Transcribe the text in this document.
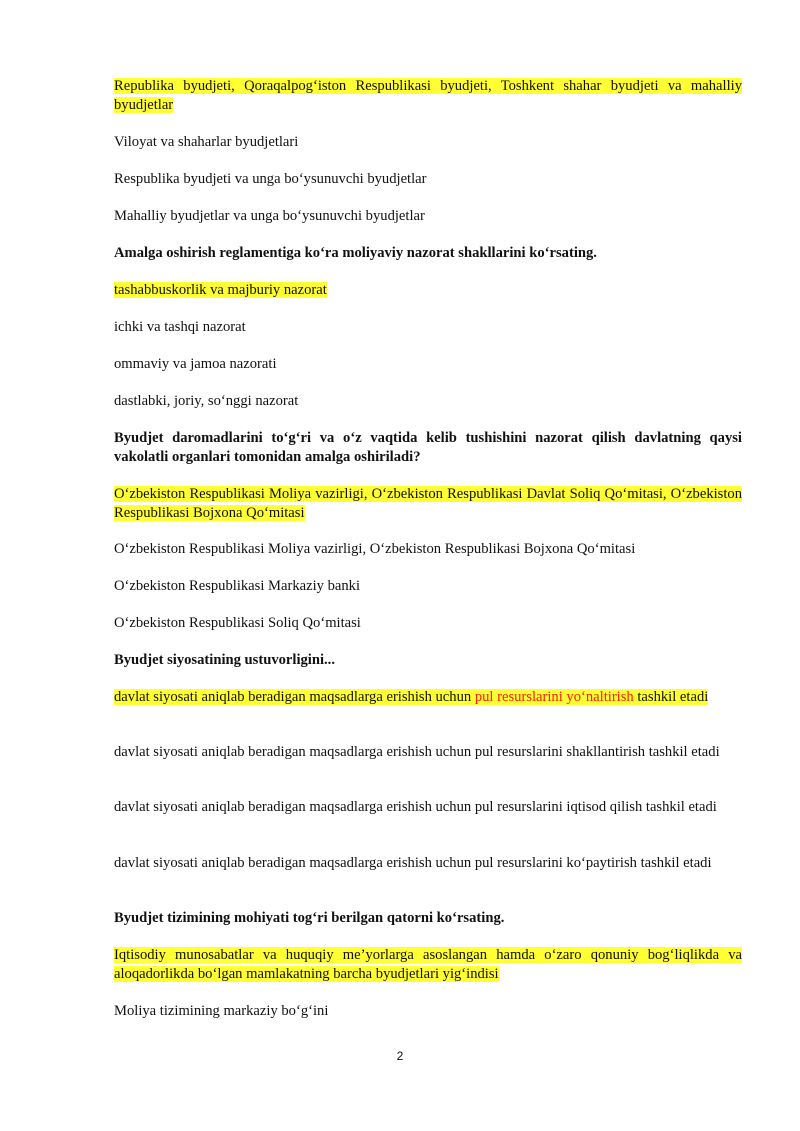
Republika byudjeti, Qoraqalpog‘iston Respublikasi byudjeti, Toshkent shahar byudjeti va mahalliy byudjetlar

Viloyat va shaharlar byudjetlari

Respublika byudjeti va unga bo‘ysunuvchi byudjetlar

Mahalliy byudjetlar va unga bo‘ysunuvchi byudjetlar

Amalga oshirish reglamentiga ko‘ra moliyaviy nazorat shakllarini ko‘rsating.

tashabbuskorlik va majburiy nazorat

ichki va tashqi nazorat

ommaviy va jamoa nazorati

dastlabki, joriy, so‘nggi nazorat

Byudjet daromadlarini to‘g‘ri va o‘z vaqtida kelib tushishini nazorat qilish davlatning qaysi vakolatli organlari tomonidan amalga oshiriladi?

O‘zbekiston Respublikasi Moliya vazirligi, O‘zbekiston Respublikasi Davlat Soliq Qo‘mitasi, O‘zbekiston Respublikasi Bojxona Qo‘mitasi

O‘zbekiston Respublikasi Moliya vazirligi, O‘zbekiston Respublikasi Bojxona Qo‘mitasi

O‘zbekiston Respublikasi Markaziy banki

O‘zbekiston Respublikasi Soliq Qo‘mitasi

Byudjet siyosatining ustuvorligini...

davlat siyosati aniqlab beradigan maqsadlarga erishish uchun pul resurslarini yo‘naltirish tashkil etadi

davlat siyosati aniqlab beradigan maqsadlarga erishish uchun pul resurslarini shakllantirish tashkil etadi

davlat siyosati aniqlab beradigan maqsadlarga erishish uchun pul resurslarini iqtisod qilish tashkil etadi

davlat siyosati aniqlab beradigan maqsadlarga erishish uchun pul resurslarini ko‘paytirish tashkil etadi

Byudjet tizimining mohiyati tog‘ri berilgan qatorni ko‘rsating.

Iqtisodiy munosabatlar va huquqiy me’yorlarga asoslangan hamda o‘zaro qonuniy bog‘liqlikda va aloqadorlikda bo‘lgan mamlakatning barcha byudjetlari yig‘indisi

Moliya tizimining markaziy bo‘g‘ini

2
